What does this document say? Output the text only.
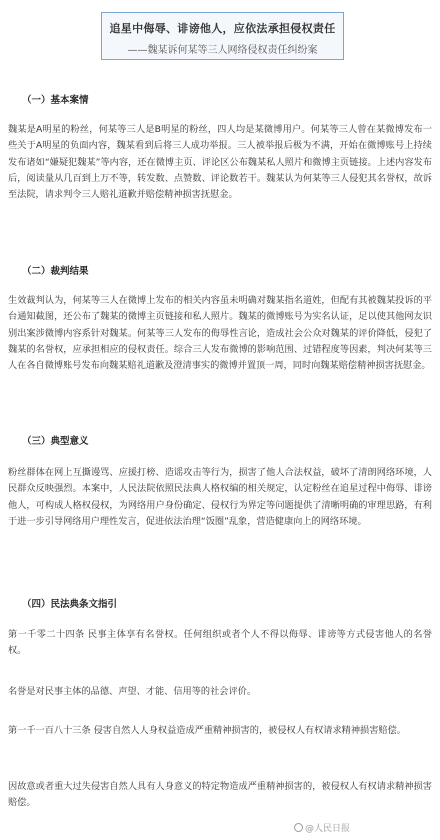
追星中侮辱、诽谤他人，应依法承担侵权责任
——魏某诉何某等三人网络侵权责任纠纷案
（一）基本案情
魏某是A明星的粉丝，何某等三人是B明星的粉丝，四人均是某微博用户。何某等三人曾在某微博发布一些关于A明星的负面内容，魏某看到后将三人成功举报。三人被举报后极为不满，开始在微博账号上持续发布诸如“嫌疑犯魏某”等内容，还在微博主页、评论区公布魏某私人照片和微博主页链接。上述内容发布后，阅读量从几百到上万不等，转发数、点赞数、评论数若干。魏某认为何某等三人侵犯其名誉权，故诉至法院，请求判令三人赔礼道歉并赔偿精神损害抚慰金。
（二）裁判结果
生效裁判认为，何某等三人在微博上发布的相关内容虽未明确对魏某指名道姓，但配有其被魏某投诉的平台通知截图，还公布了魏某的微博主页链接和私人照片。魏某的微博账号为实名认证，足以使其他网友识别出案涉微博内容系针对魏某。何某等三人发布的侮辱性言论，造成社会公众对魏某的评价降低，侵犯了魏某的名誉权，应承担相应的侵权责任。综合三人发布微博的影响范围、过错程度等因素，判决何某等三人在各自微博账号发布向魏某赔礼道歉及澄清事实的微博并置顶一周，同时向魏某赔偿精神损害抚慰金。
（三）典型意义
粉丝群体在网上互撕谩骂、应援打榜、造谣攻击等行为，损害了他人合法权益，破坏了清朗网络环境，人民群众反映强烈。本案中，人民法院依照民法典人格权编的相关规定，认定粉丝在追星过程中侮辱、诽谤他人，可构成人格权侵权，为网络用户身份确定、侵权行为界定等问题提供了清晰明确的审理思路，有利于进一步引导网络用户理性发言，促进依法治理“饭圈”乱象，营造健康向上的网络环境。
（四）民法典条文指引
第一千零二十四条 民事主体享有名誉权。任何组织或者个人不得以侮辱、诽谤等方式侵害他人的名誉权。
名誉是对民事主体的品德、声望、才能、信用等的社会评价。
第一千一百八十三条 侵害自然人人身权益造成严重精神损害的，被侵权人有权请求精神损害赔偿。
因故意或者重大过失侵害自然人具有人身意义的特定物造成严重精神损害的，被侵权人有权请求精神损害赔偿。
@人民日报
